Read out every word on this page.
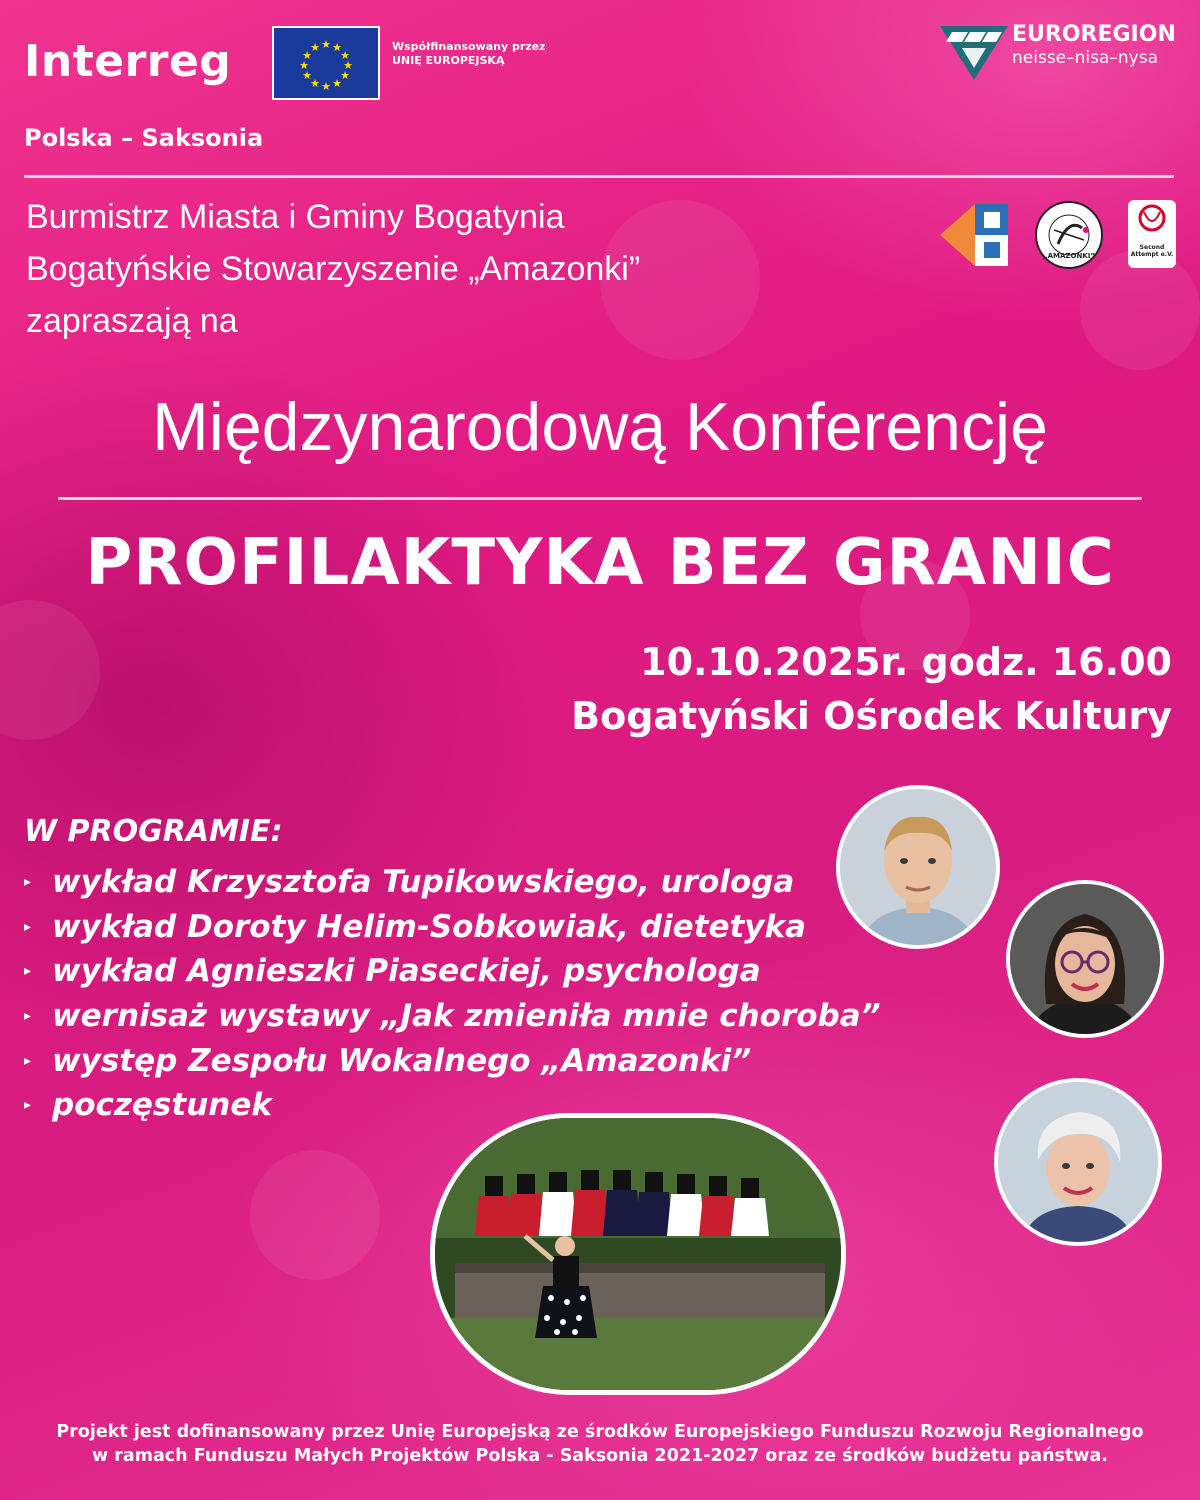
Interreg	★ ★
★
★
★
★
★
★
★
★
★
★	Współfinansowany przez
UNIĘ EUROPEJSKĄ
Polska – Saksonia
EUROREGION
neisse–nisa–nysa
Burmistrz Miasta i Gminy Bogatynia
Bogatyńskie Stowarzyszenie „Amazonki”
zapraszają na
„AMAZONKI”
Second Attempt e.V.
Międzynarodową Konferencję
PROFILAKTYKA BEZ GRANIC
10.10.2025r. godz. 16.00
Bogatyński Ośrodek Kultury
W PROGRAMIE:
▸ wykład Krzysztofa Tupikowskiego, urologa
▸ wykład Doroty Helim-Sobkowiak, dietetyka
▸ wykład Agnieszki Piaseckiej, psychologa
▸ wernisaż wystawy „Jak zmieniła mnie choroba”
▸ występ Zespołu Wokalnego „Amazonki”
▸ poczęstunek
Projekt jest dofinansowany przez Unię Europejską ze środków Europejskiego Funduszu Rozwoju Regionalnego
w ramach Funduszu Małych Projektów Polska - Saksonia 2021-2027 oraz ze środków budżetu państwa.
